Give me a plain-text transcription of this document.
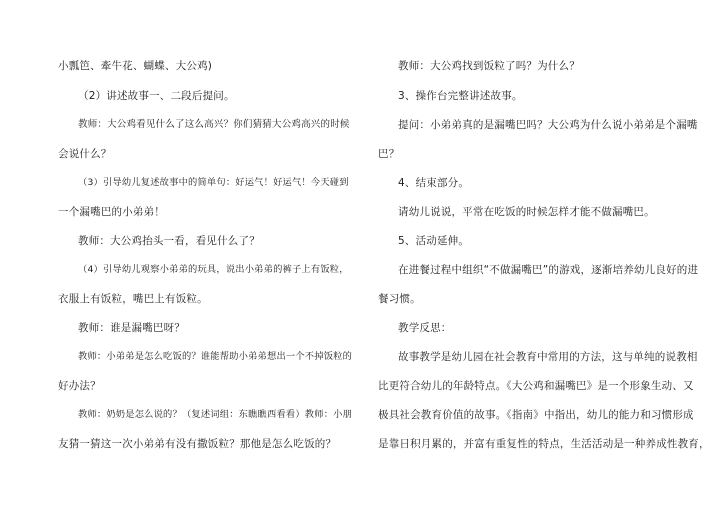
小瓢笆、牽牛花、蝴蝶、大公鸡)
（2）讲述故事一、二段后提问。
教师：大公鸡看见什么了这么高兴？你们猜猜大公鸡高兴的时候
会说什么？
（3）引导幼儿复述故事中的简单句：好运气！好运气！今天碰到
一个漏嘴巴的小弟弟！
教师：大公鸡抬头一看，看见什么了？
（4）引导幼儿观察小弟弟的玩具，说出小弟弟的裤子上有饭粒，
衣服上有饭粒，嘴巴上有饭粒。
教师：谁是漏嘴巴呀？
教师：小弟弟是怎么吃饭的？谁能帮助小弟弟想出一个不掉饭粒的
好办法？
教师：奶奶是怎么说的？（复述词组：东瞧瞧西看看）教师：小朋
友猜一猜这一次小弟弟有没有撒饭粒？那他是怎么吃饭的？
教师：大公鸡找到饭粒了吗？为什么？
3、操作台完整讲述故事。
提问：小弟弟真的是漏嘴巴吗？大公鸡为什么说小弟弟是个漏嘴
巴？
4、结束部分。
请幼儿说说，平常在吃饭的时候怎样才能不做漏嘴巴。
5、活动延伸。
在进餐过程中组织“不做漏嘴巴”的游戏，逐渐培养幼儿良好的进
餐习惯。
教学反思：
故事教学是幼儿园在社会教育中常用的方法，这与单纯的说教相
比更符合幼儿的年龄特点。《大公鸡和漏嘴巴》是一个形象生动、又
极具社会教育价值的故事。《指南》中指出，幼儿的能力和习惯形成
是靠日积月累的，并富有重复性的特点，生活活动是一种养成性教育，
